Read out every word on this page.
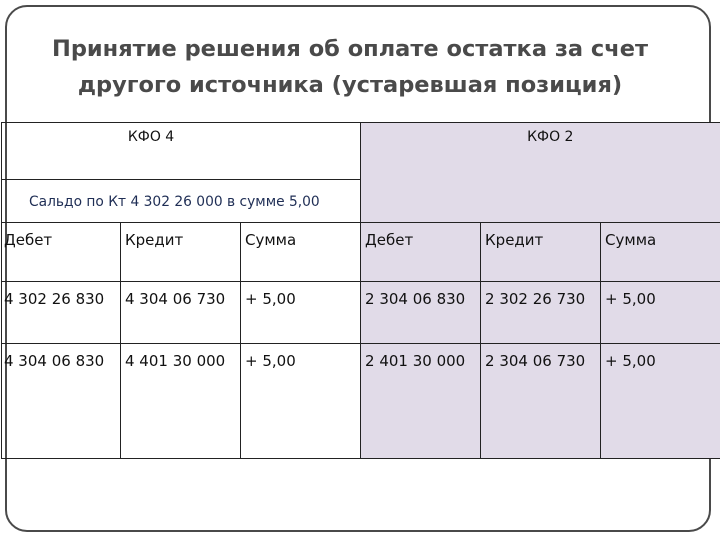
Принятие решения об оплате остатка за счет
другого источника (устаревшая позиция)
КФО 4			КФО 2		

Сальдо по Кт 4 302 26 000 в сумме 5,00					

Дебет	Кредит	Сумма	Дебет	Кредит	Сумма

4 302 26 830	4 304 06 730	+ 5,00	2 304 06 830	2 302 26 730	+ 5,00

4 304 06 830	4 401 30 000	+ 5,00	2 401 30 000	2 304 06 730	+ 5,00
